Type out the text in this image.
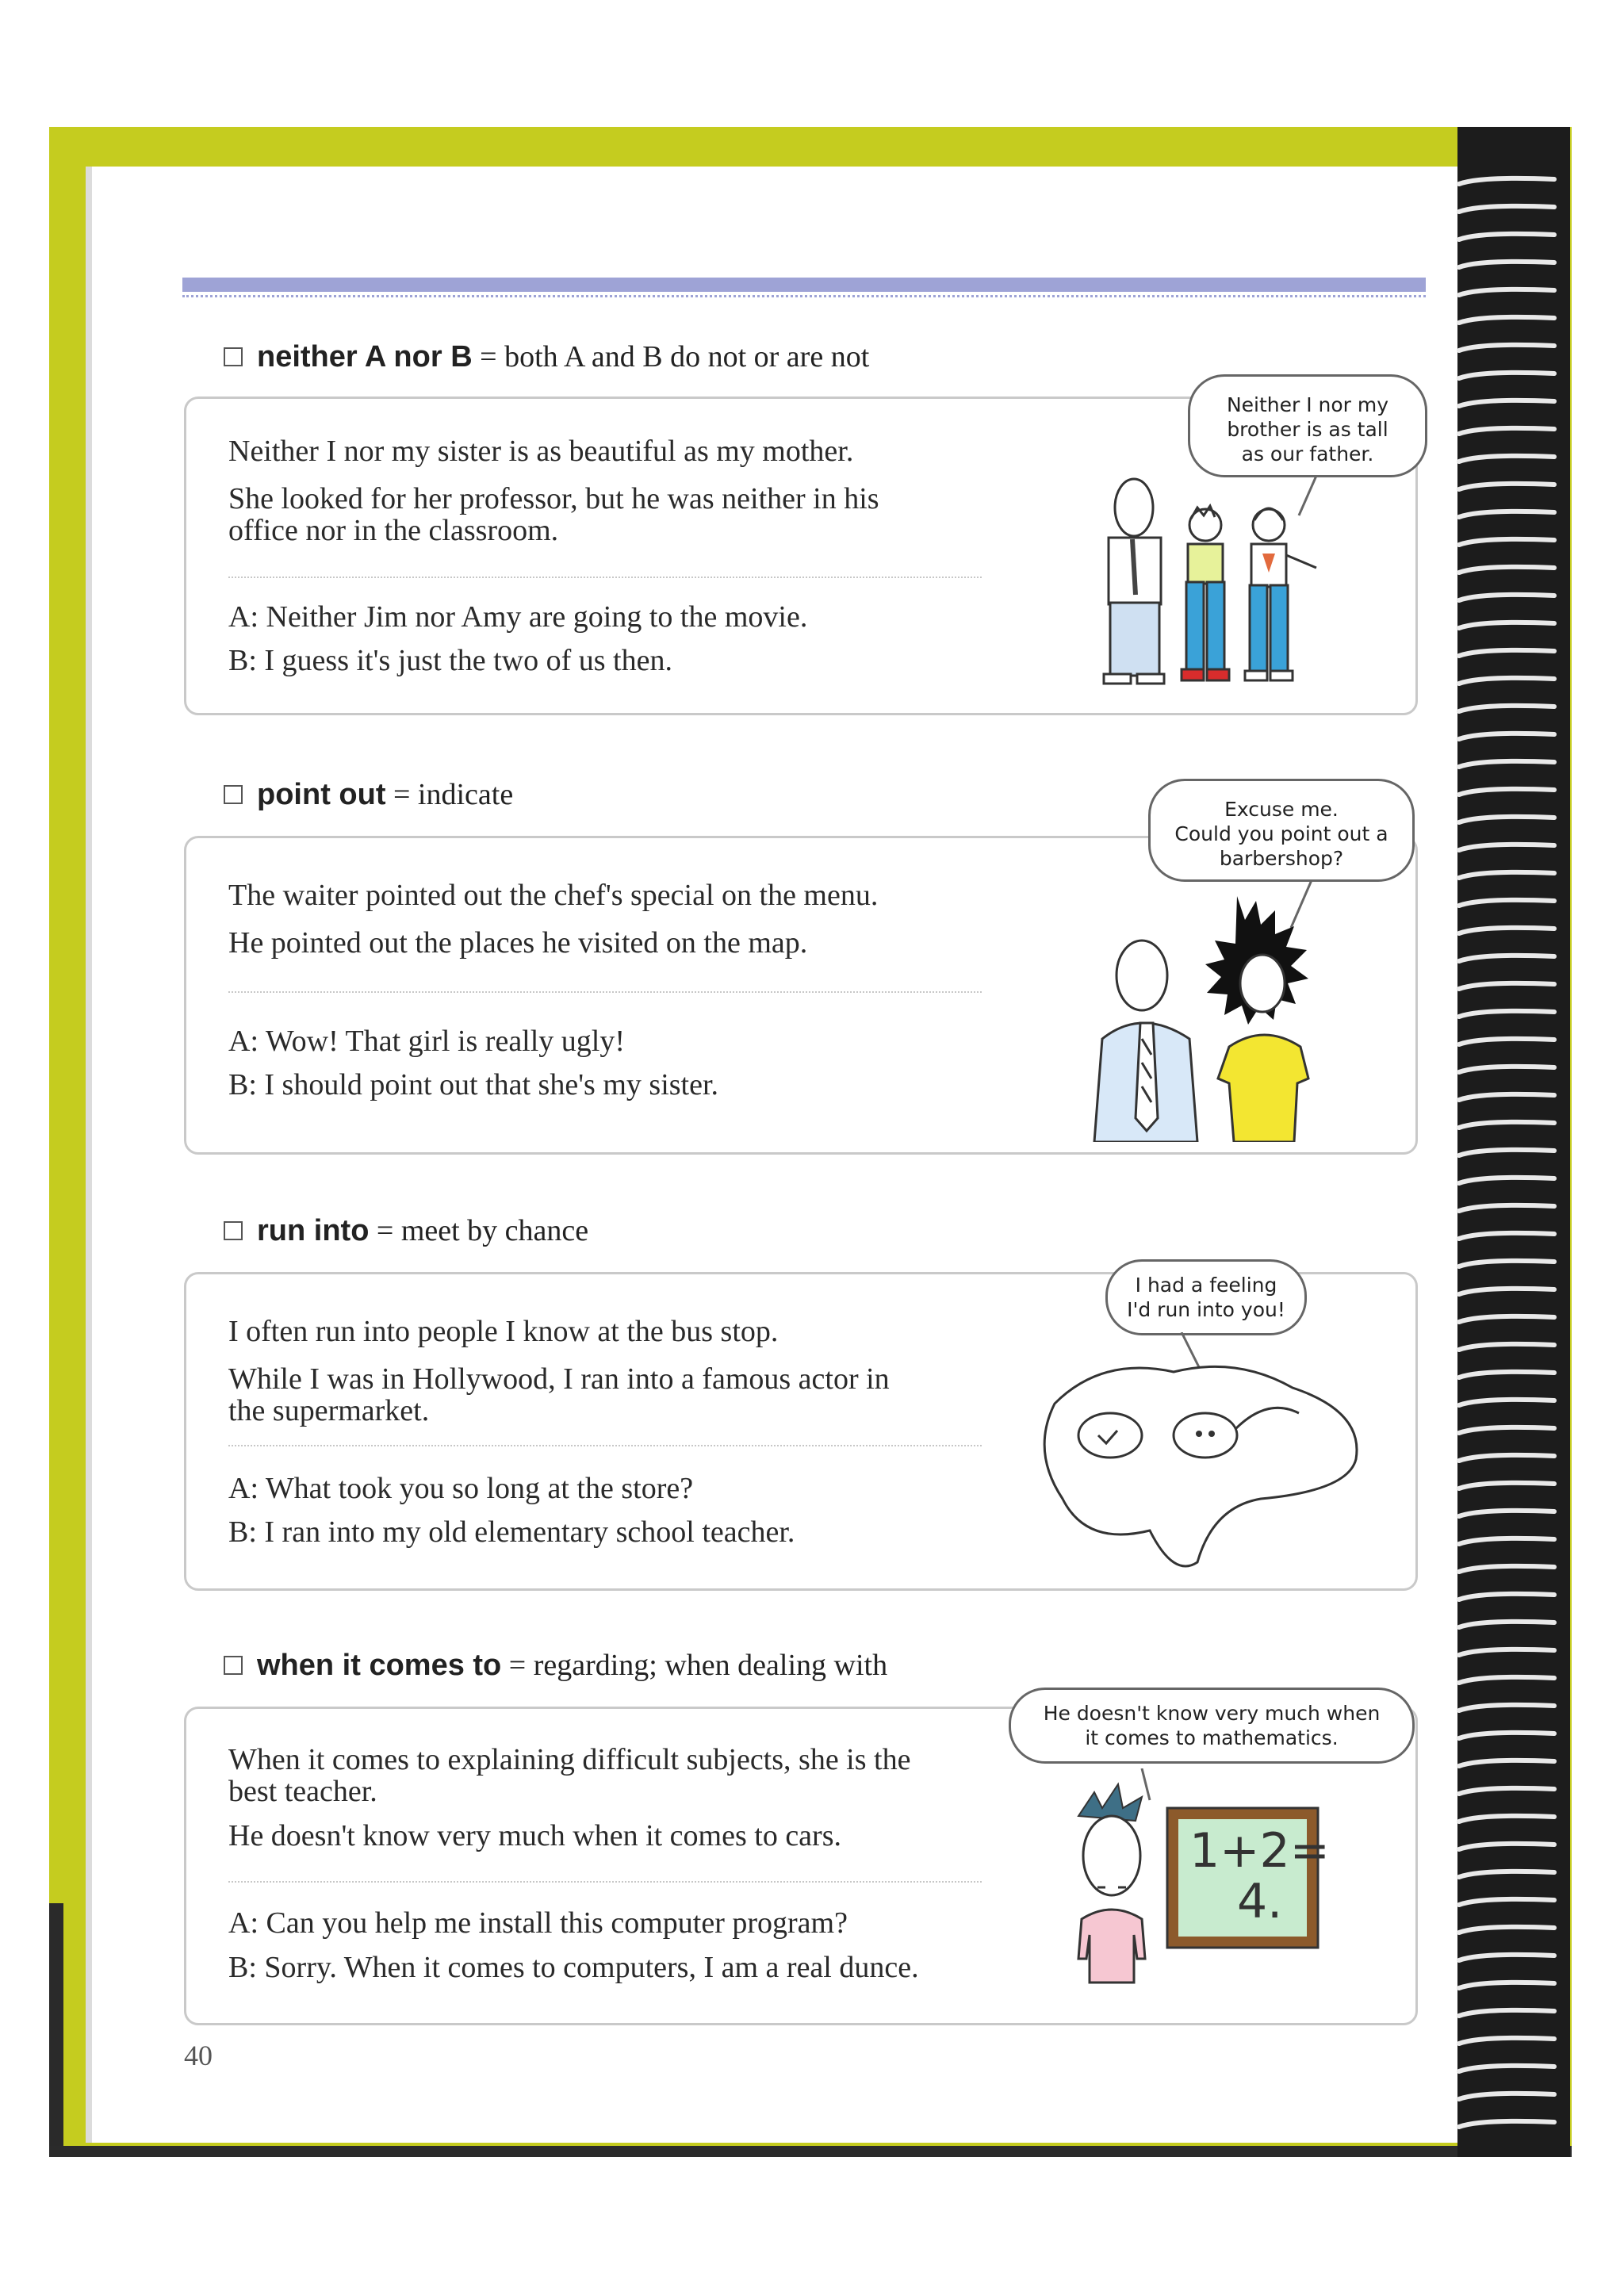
neither A nor B = both A and B do not or are not
Neither I nor my sister is as beautiful as my mother.
She looked for her professor, but he was neither in his
office nor in the classroom.
A: Neither Jim nor Amy are going to the movie.
B: I guess it's just the two of us then.
Neither I nor my
brother is as tall
as our father.
point out = indicate
The waiter pointed out the chef's special on the menu.
He pointed out the places he visited on the map.
A: Wow! That girl is really ugly!
B: I should point out that she's my sister.
Excuse me.
Could you point out a
barbershop?
run into = meet by chance
I often run into people I know at the bus stop.
While I was in Hollywood, I ran into a famous actor in
the supermarket.
A: What took you so long at the store?
B: I ran into my old elementary school teacher.
I had a feeling
I'd run into you!
when it comes to = regarding; when dealing with
When it comes to explaining difficult subjects, she is the
best teacher.
He doesn't know very much when it comes to cars.
A: Can you help me install this computer program?
B: Sorry. When it comes to computers, I am a real dunce.
He doesn't know very much when
it comes to mathematics.
1+2=
4.
40
